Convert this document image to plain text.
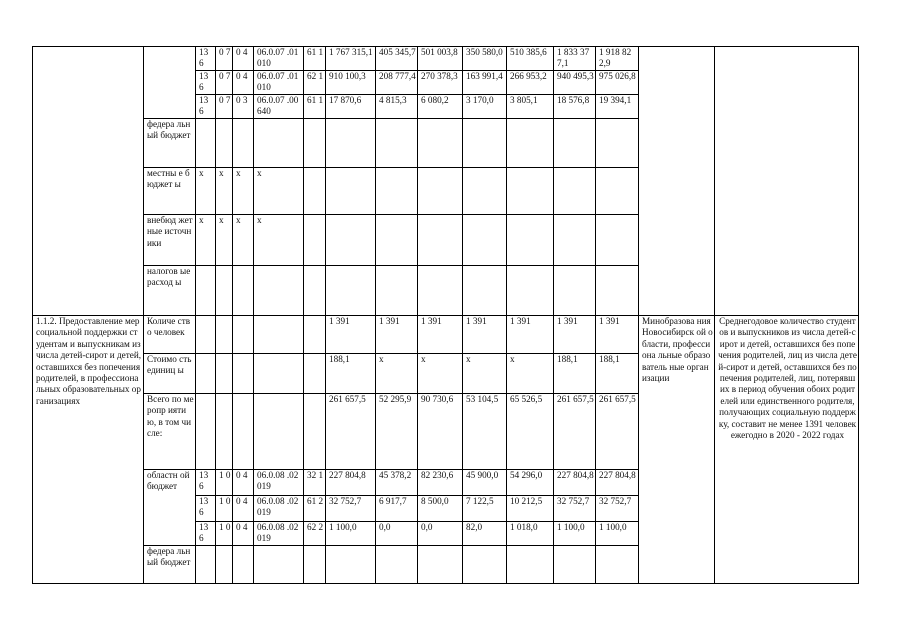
		13 6	0 7	0 4	06.0.07 .01010	61 1	1 767 315,1	405 345,7	501 003,8	350 580,0	510 385,6	1 833 377,1	1 918 822,9		
		13 6	0 7	0 4	06.0.07 .01010	62 1	910 100,3	208 777,4	270 378,3	163 991,4	266 953,2	940 495,3	975 026,8		
		13 6	0 7	0 3	06.0.07 .00640	61 1	17 870,6	4 815,3	6 080,2	3 170,0	3 805,1	18 576,8	19 394,1		
	федера льный бюджет														
	местны е бюджет ы	x	x	x	x										
	внебюд жетные источн ики	x	x	x	x										
	налогов ые расход ы														
1.1.2. Предоставление мер социальной поддержки студентам и выпускникам из числа детей-сирот и детей, оставшихся без попечения родителей, в профессиональных образовательных организациях	Количе ство человек						1 391	1 391	1 391	1 391	1 391	1 391	1 391	Минобразова ния Новосибирск ой области, профессиона льные образователь ные организации	Среднегодовое количество студентов и выпускников из числа детей-сирот и детей, оставшихся без попечения родителей, лиц из числа детей-сирот и детей, оставшихся без попечения родителей, лиц, потерявших в период обучения обоих родителей или единственного родителя, получающих социальную поддержку, составит не менее 1391 человек ежегодно в 2020 - 2022 годах
	Стоимо сть единиц ы						188,1	x	x	x	x	188,1	188,1		
	Всего по меропр иятию, в том числе:						261 657,5	52 295,9	90 730,6	53 104,5	65 526,5	261 657,5	261 657,5		
	областн ой бюджет	13 6	1 0	0 4	06.0.08 .02019	32 1	227 804,8	45 378,2	82 230,6	45 900,0	54 296,0	227 804,8	227 804,8		
		13 6	1 0	0 4	06.0.08 .02019	61 2	32 752,7	6 917,7	8 500,0	7 122,5	10 212,5	32 752,7	32 752,7		
		13 6	1 0	0 4	06.0.08 .02019	62 2	1 100,0	0,0	0,0	82,0	1 018,0	1 100,0	1 100,0		
	федера льный бюджет														
